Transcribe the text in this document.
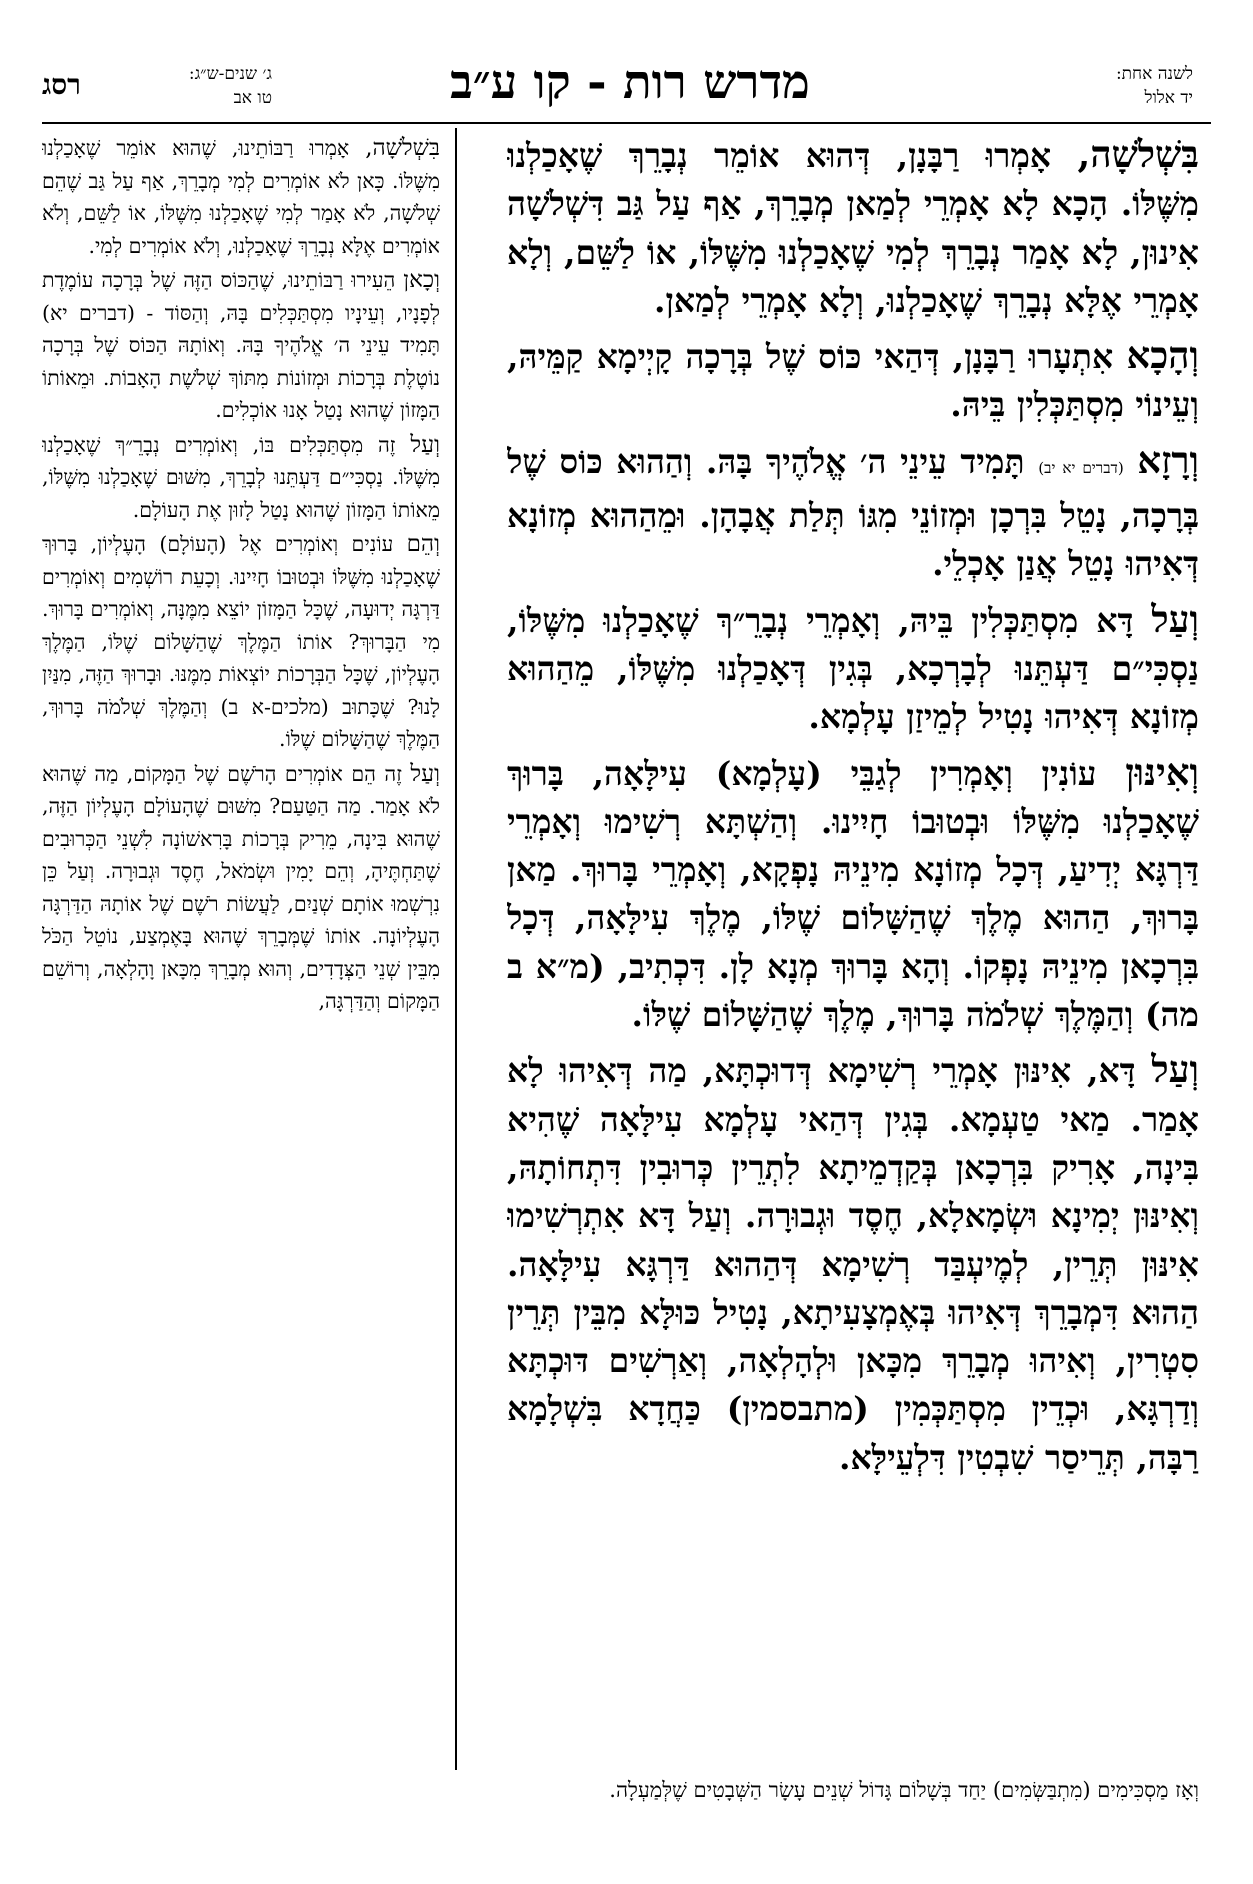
לשנה אחת:
יד אלול
מדרש רות - קו ע״ב
ג׳ שנים-ש״ג:
טו אב
רסג

בִּשְׁלֹשָׁה, אָמְרוּ רַבָּנָן, דְּהוּא אוֹמֵר נְבָרֵךְ שֶׁאָכַלְנוּ מִשֶּׁלּוֹ. הָכָא לָא אָמְרֵי לְמַאן מְבָרֵךְ, אַף עַל גַּב דִּשְׁלֹשָׁה אִינוּן, לָא אָמַר נְבָרֵךְ לְמִי שֶׁאָכַלְנוּ מִשֶּׁלּוֹ, אוֹ לַשֵּׁם, וְלָא אָמְרֵי אֶלָּא נְבָרֵךְ שֶׁאָכַלְנוּ, וְלָא אָמְרֵי לְמַאן.

וְהָכָא אִתְעָרוּ רַבָּנָן, דְּהַאי כּוֹס שֶׁל בְּרָכָה קָיְימָא קַמֵּיהּ, וְעֵינוֹי מִסְתַּכְּלִין בֵּיהּ.

וְרָזָא (דברים יא יב) תָּמִיד עֵינֵי ה׳ אֱלֹהֶיךָ בָּהּ. וְהַהוּא כּוֹס שֶׁל בְּרָכָה, נָטֵל בִּרְכָן וּמְזוֹנֵי מִגּוֹ תְּלַת אֲבָהָן. וּמֵהַהוּא מְזוֹנָא דְּאִיהוּ נָטֵל אֲנַן אָכְלֵי.

וְעַל דָּא מִסְתַּכְּלִין בֵּיהּ, וְאָמְרֵי נְבָרֵ״ךְ שֶׁאָכַלְנוּ מִשֶּׁלּוֹ, נַסְכִּי״ם דַּעְתֵּנוּ לְבָרְכָא, בְּגִין דְּאָכַלְנוּ מִשֶּׁלּוֹ, מֵהַהוּא מְזוֹנָא דְּאִיהוּ נָטִיל לְמֵיזַן עָלְמָא.

וְאִינּוּן עוֹנִין וְאָמְרִין לְגַבֵּי (עָלְמָא) עִילָּאָה, בָּרוּךְ שֶׁאָכַלְנוּ מִשֶּׁלּוֹ וּבְטוּבוֹ חָיִינוּ. וְהַשְׁתָּא רְשִׁימוּ וְאָמְרֵי דַּרְגָּא יְדִיעַ, דְּכָל מְזוֹנָא מִינֵיהּ נָפְקָא, וְאָמְרֵי בָּרוּךְ. מַאן בָּרוּךְ, הַהוּא מֶלֶךְ שֶׁהַשָּׁלוֹם שֶׁלּוֹ, מֶלֶךְ עִילָּאָה, דְּכָל בִּרְכָאן מִינֵיהּ נָפְקוֹ. וְהָא בָּרוּךְ מְנָא לָן. דִּכְתִיב, (מ״א ב מה) וְהַמֶּלֶךְ שְׁלֹמֹה בָּרוּךְ, מֶלֶךְ שֶׁהַשָּׁלוֹם שֶׁלּוֹ.

וְעַל דָּא, אִינּוּן אָמְרֵי רְשִׁימָא דְּדוּכְתָּא, מַה דְּאִיהוּ לָא אָמַר. מַאי טַעְמָא. בְּגִין דְּהַאי עָלְמָא עִילָּאָה שֶׁהִיא בִּינָה, אָרִיק בִּרְכָאן בְּקַדְמֵיתָא לִתְרֵין כְּרוּבִין דִּתְחוֹתָהּ, וְאִינּוּן יְמִינָא וּשְׂמָאלָא, חֶסֶד וּגְבוּרָה. וְעַל דָּא אִתְרְשִׁימוּ אִינּוּן תְּרֵין, לְמֶיעְבַּד רְשִׁימָא דְּהַהוּא דַּרְגָּא עִילָּאָה. הַהוּא דִּמְבָרֵךְ דְּאִיהוּ בְּאֶמְצָעִיתָא, נָטִיל כּוּלָּא מִבֵּין תְּרֵין סִטְרִין, וְאִיהוּ מְבָרֵךְ מִכָּאן וּלְהָלְאָה, וְאַרְשִׁים דּוּכְתָּא וְדַרְגָּא, וּכְדֵין מִסְתַּכְּמִין (מתבסמין) כַּחֲדָא בִּשְׁלָמָא רַבָּה, תְּרֵיסַר שִׁבְטִין דִּלְעֵילָּא.

בִּשְׁלֹשָׁה, אָמְרוּ רַבּוֹתֵינוּ, שֶׁהוּא אוֹמֵר שֶׁאָכַלְנוּ מִשֶּׁלּוֹ. כָּאן לֹא אוֹמְרִים לְמִי מְבָרֵךְ, אַף עַל גַּב שֶׁהֵם שְׁלֹשָׁה, לֹא אָמַר לְמִי שֶׁאָכַלְנוּ מִשֶּׁלּוֹ, אוֹ לַשֵּׁם, וְלֹא אוֹמְרִים אֶלָּא נְבָרֵךְ שֶׁאָכַלְנוּ, וְלֹא אוֹמְרִים לְמִי.

וְכָאן הֵעִירוּ רַבּוֹתֵינוּ, שֶׁהַכּוֹס הַזֶּה שֶׁל בְּרָכָה עוֹמֶדֶת לְפָנָיו, וְעֵינָיו מִסְתַּכְּלִים בָּהּ, וְהַסּוֹד - (דברים יא) תָּמִיד עֵינֵי ה׳ אֱלֹהֶיךָ בָּהּ. וְאוֹתָהּ הַכּוֹס שֶׁל בְּרָכָה נוֹטֶלֶת בְּרָכוֹת וּמְזוֹנוֹת מִתּוֹךְ שְׁלֹשֶׁת הָאָבוֹת. וּמֵאוֹתוֹ הַמָּזוֹן שֶׁהוּא נָטַל אָנוּ אוֹכְלִים.

וְעַל זֶה מִסְתַּכְּלִים בּוֹ, וְאוֹמְרִים נְבָרֵ״ךְ שֶׁאָכַלְנוּ מִשֶּׁלּוֹ. נַסְכִּי״ם דַּעְתֵּנוּ לְבָרֵךְ, מִשּׁוּם שֶׁאָכַלְנוּ מִשֶּׁלּוֹ, מֵאוֹתוֹ הַמָּזוֹן שֶׁהוּא נָטַל לָזוּן אֶת הָעוֹלָם.

וְהֵם עוֹנִים וְאוֹמְרִים אֶל (הָעוֹלָם) הָעֶלְיוֹן, בָּרוּךְ שֶׁאָכַלְנוּ מִשֶּׁלּוֹ וּבְטוּבוֹ חָיִינוּ. וְכָעֵת רוֹשְׁמִים וְאוֹמְרִים דַּרְגָּה יְדוּעָה, שֶׁכָּל הַמָּזוֹן יוֹצֵא מִמֶּנָּה, וְאוֹמְרִים בָּרוּךְ. מִי הַבָּרוּךְ? אוֹתוֹ הַמֶּלֶךְ שֶׁהַשָּׁלוֹם שֶׁלּוֹ, הַמֶּלֶךְ הָעֶלְיוֹן, שֶׁכָּל הַבְּרָכוֹת יוֹצְאוֹת מִמֶּנּוּ. וּבָרוּךְ הַזֶּה, מִנַּיִן לָנוּ? שֶׁכָּתוּב (מלכים-א ב) וְהַמֶּלֶךְ שְׁלֹמֹה בָּרוּךְ, הַמֶּלֶךְ שֶׁהַשָּׁלוֹם שֶׁלּוֹ.

וְעַל זֶה הֵם אוֹמְרִים הָרֹשֶׁם שֶׁל הַמָּקוֹם, מַה שֶּׁהוּא לֹא אָמַר. מַה הַטַּעַם? מִשּׁוּם שֶׁהָעוֹלָם הָעֶלְיוֹן הַזֶּה, שֶׁהוּא בִּינָה, מֵרִיק בְּרָכוֹת בָּרִאשׁוֹנָה לִשְׁנֵי הַכְּרוּבִים שֶׁתַּחְתֶּיהָ, וְהֵם יָמִין וּשְׂמֹאל, חֶסֶד וּגְבוּרָה. וְעַל כֵּן נִרְשְׁמוּ אוֹתָם שְׁנַיִם, לַעֲשׂוֹת רֹשֶׁם שֶׁל אוֹתָהּ הַדַּרְגָּה הָעֶלְיוֹנָה. אוֹתוֹ שֶׁמְּבָרֵךְ שֶׁהוּא בָּאֶמְצַע, נוֹטֵל הַכֹּל מִבֵּין שְׁנֵי הַצְּדָדִים, וְהוּא מְבָרֵךְ מִכָּאן וָהָלְאָה, וְרוֹשֵׁם הַמָּקוֹם וְהַדַּרְגָּה,

וְאָז מַסְכִּימִים (מִתְבַּשְּׂמִים) יַחַד בְּשָׁלוֹם גָּדוֹל שְׁנֵים עָשָׂר הַשְּׁבָטִים שֶׁלְּמַעְלָה.
